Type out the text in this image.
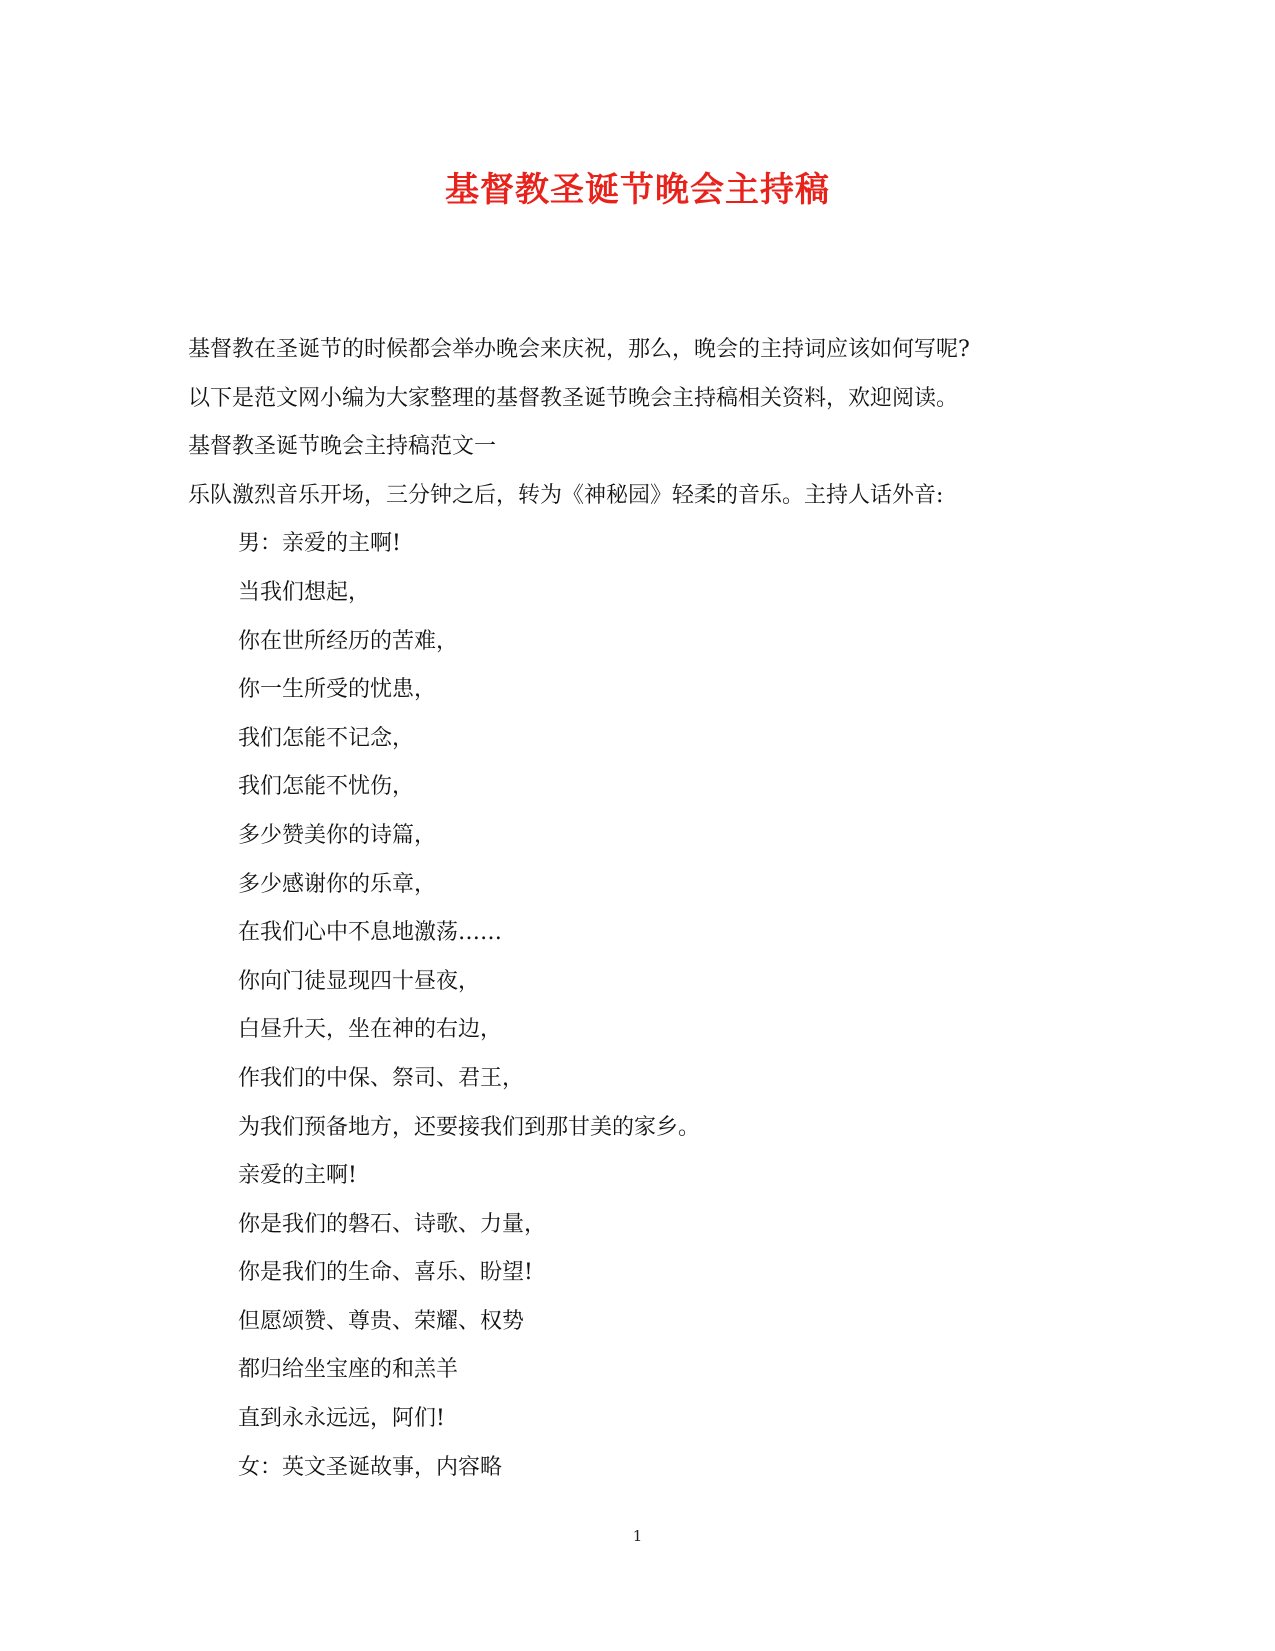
基督教圣诞节晚会主持稿
基督教在圣诞节的时候都会举办晚会来庆祝，那么，晚会的主持词应该如何写呢?
以下是范文网小编为大家整理的基督教圣诞节晚会主持稿相关资料，欢迎阅读。
基督教圣诞节晚会主持稿范文一
乐队激烈音乐开场，三分钟之后，转为《神秘园》轻柔的音乐。主持人话外音:
男：亲爱的主啊!
当我们想起，
你在世所经历的苦难，
你一生所受的忧患，
我们怎能不记念，
我们怎能不忧伤，
多少赞美你的诗篇，
多少感谢你的乐章，
在我们心中不息地激荡……
你向门徒显现四十昼夜，
白昼升天，坐在神的右边，
作我们的中保、祭司、君王，
为我们预备地方，还要接我们到那甘美的家乡。
亲爱的主啊!
你是我们的磐石、诗歌、力量，
你是我们的生命、喜乐、盼望!
但愿颂赞、尊贵、荣耀、权势
都归给坐宝座的和羔羊
直到永永远远，阿们!
女：英文圣诞故事，内容略
1
